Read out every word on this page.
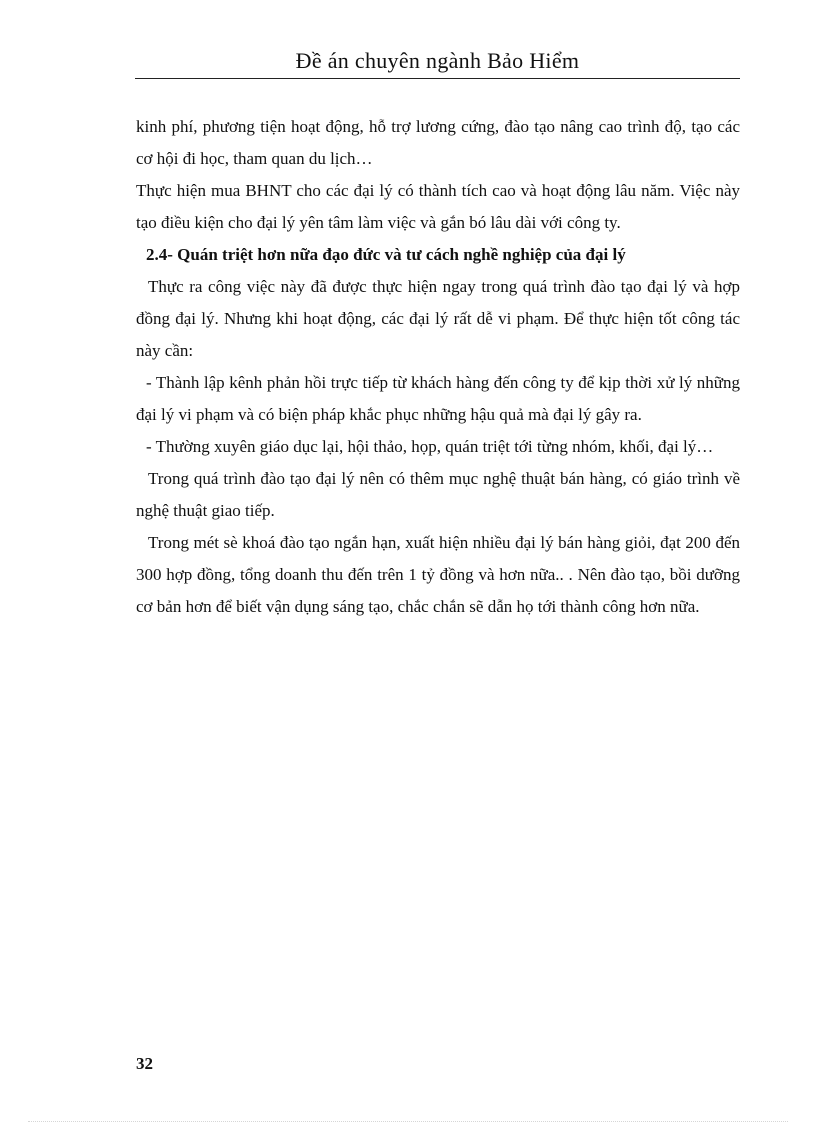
Đề án chuyên ngành Bảo Hiểm

kinh phí, phương tiện hoạt động, hỗ trợ lương cứng, đào tạo nâng cao trình độ, tạo các cơ hội đi học, tham quan du lịch…

Thực hiện mua BHNT cho các đại lý có thành tích cao và hoạt động lâu năm. Việc này tạo điều kiện cho đại lý yên tâm làm việc và gắn bó lâu dài với công ty.

2.4- Quán triệt hơn nữa đạo đức và tư cách nghề nghiệp của đại lý

Thực ra công việc này đã được thực hiện ngay trong quá trình đào tạo đại lý và hợp đồng đại lý. Nhưng khi hoạt động, các đại lý rất dễ vi phạm. Để thực hiện tốt công tác này cần:

- Thành lập kênh phản hồi trực tiếp từ khách hàng đến công ty để kịp thời xử lý những đại lý vi phạm và có biện pháp khắc phục những hậu quả mà đại lý gây ra.

- Thường xuyên giáo dục lại, hội thảo, họp, quán triệt tới từng nhóm, khối, đại lý…

Trong quá trình đào tạo đại lý nên có thêm mục nghệ thuật bán hàng, có giáo trình về nghệ thuật giao tiếp.

Trong mét sè khoá đào tạo ngắn hạn, xuất hiện nhiều đại lý bán hàng giỏi, đạt 200 đến 300 hợp đồng, tổng doanh thu đến trên 1 tỷ đồng và hơn nữa.. . Nên đào tạo, bồi dưỡng cơ bản hơn để biết vận dụng sáng tạo, chắc chắn sẽ dẫn họ tới thành công hơn nữa.

32
